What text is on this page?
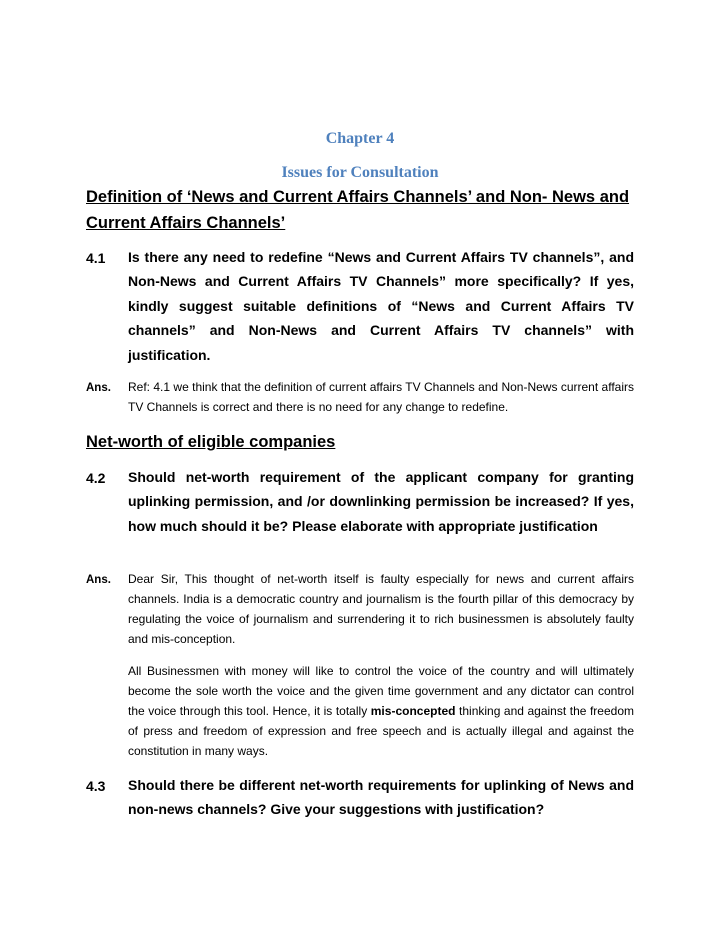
Chapter 4
Issues for Consultation
Definition of ‘News and Current Affairs Channels’ and Non- News and Current Affairs Channels’
4.1 Is there any need to redefine “News and Current Affairs TV channels”, and Non-News and Current Affairs TV Channels” more specifically? If yes, kindly suggest suitable definitions of “News and Current Affairs TV channels” and Non-News and Current Affairs TV channels” with justification.
Ans. Ref: 4.1 we think that the definition of current affairs TV Channels and Non-News current affairs TV Channels is correct and there is no need for any change to redefine.
Net-worth of eligible companies
4.2 Should net-worth requirement of the applicant company for granting uplinking permission, and /or downlinking permission be increased? If yes, how much should it be? Please elaborate with appropriate justification
Ans. Dear Sir, This thought of net-worth itself is faulty especially for news and current affairs channels. India is a democratic country and journalism is the fourth pillar of this democracy by regulating the voice of journalism and surrendering it to rich businessmen is absolutely faulty and mis-conception.
All Businessmen with money will like to control the voice of the country and will ultimately become the sole worth the voice and the given time government and any dictator can control the voice through this tool. Hence, it is totally mis-concepted thinking and against the freedom of press and freedom of expression and free speech and is actually illegal and against the constitution in many ways.
4.3 Should there be different net-worth requirements for uplinking of News and non-news channels? Give your suggestions with justification?
